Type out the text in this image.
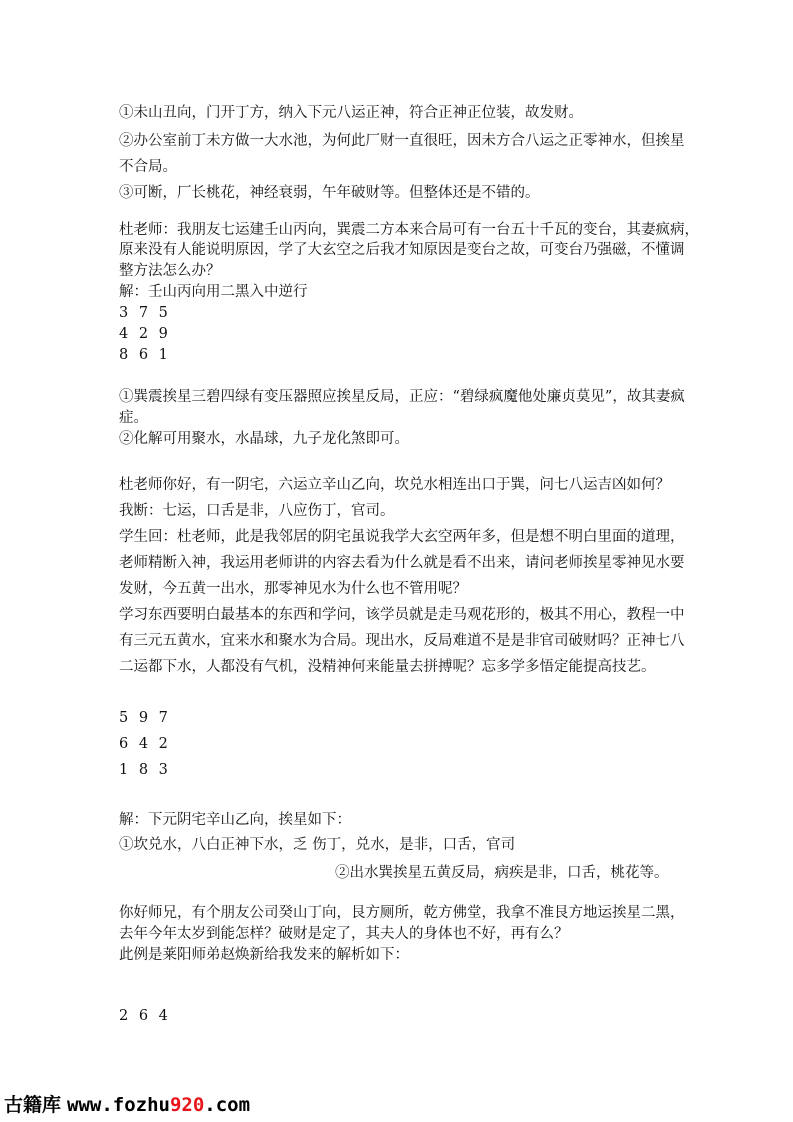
①未山丑向，门开丁方，纳入下元八运正神，符合正神正位装，故发财。

②办公室前丁未方做一大水池，为何此厂财一直很旺，因未方合八运之正零神水，但挨星

不合局。

③可断，厂长桃花，神经衰弱，午年破财等。但整体还是不错的。

杜老师：我朋友七运建壬山丙向，巽震二方本来合局可有一台五十千瓦的变台，其妻疯病，

原来没有人能说明原因，学了大玄空之后我才知原因是变台之故，可变台乃强磁，不懂调

整方法怎么办？

解：壬山丙向用二黑入中逆行

3 7 5

4 2 9

8 6 1

①巽震挨星三碧四绿有变压器照应挨星反局，正应：“碧绿疯魔他处廉贞莫见”，故其妻疯

症。

②化解可用聚水，水晶球，九子龙化煞即可。

杜老师你好，有一阴宅，六运立辛山乙向，坎兑水相连出口于巽，问七八运吉凶如何？

我断：七运，口舌是非，八应伤丁，官司。

学生回：杜老师，此是我邻居的阴宅虽说我学大玄空两年多，但是想不明白里面的道理，

老师精断入神，我运用老师讲的内容去看为什么就是看不出来，请问老师挨星零神见水要

发财，今五黄一出水，那零神见水为什么也不管用呢？

学习东西要明白最基本的东西和学问，该学员就是走马观花形的，极其不用心，教程一中

有三元五黄水，宜来水和聚水为合局。现出水，反局难道不是是非官司破财吗？正神七八

二运都下水，人都没有气机，没精神何来能量去拼搏呢？忘多学多悟定能提高技艺。

5 9 7

6 4 2

1 8 3

解：下元阴宅辛山乙向，挨星如下：

①坎兑水，八白正神下水，乏 伤丁，兑水，是非，口舌，官司

②出水巽挨星五黄反局，病疾是非，口舌，桃花等。

你好师兄，有个朋友公司癸山丁向，艮方厕所，乾方佛堂，我拿不准艮方地运挨星二黑，

去年今年太岁到能怎样？破财是定了，其夫人的身体也不好，再有么？

此例是莱阳师弟赵焕新给我发来的解析如下：

2 6 4

古籍库 www.fozhu920.com
